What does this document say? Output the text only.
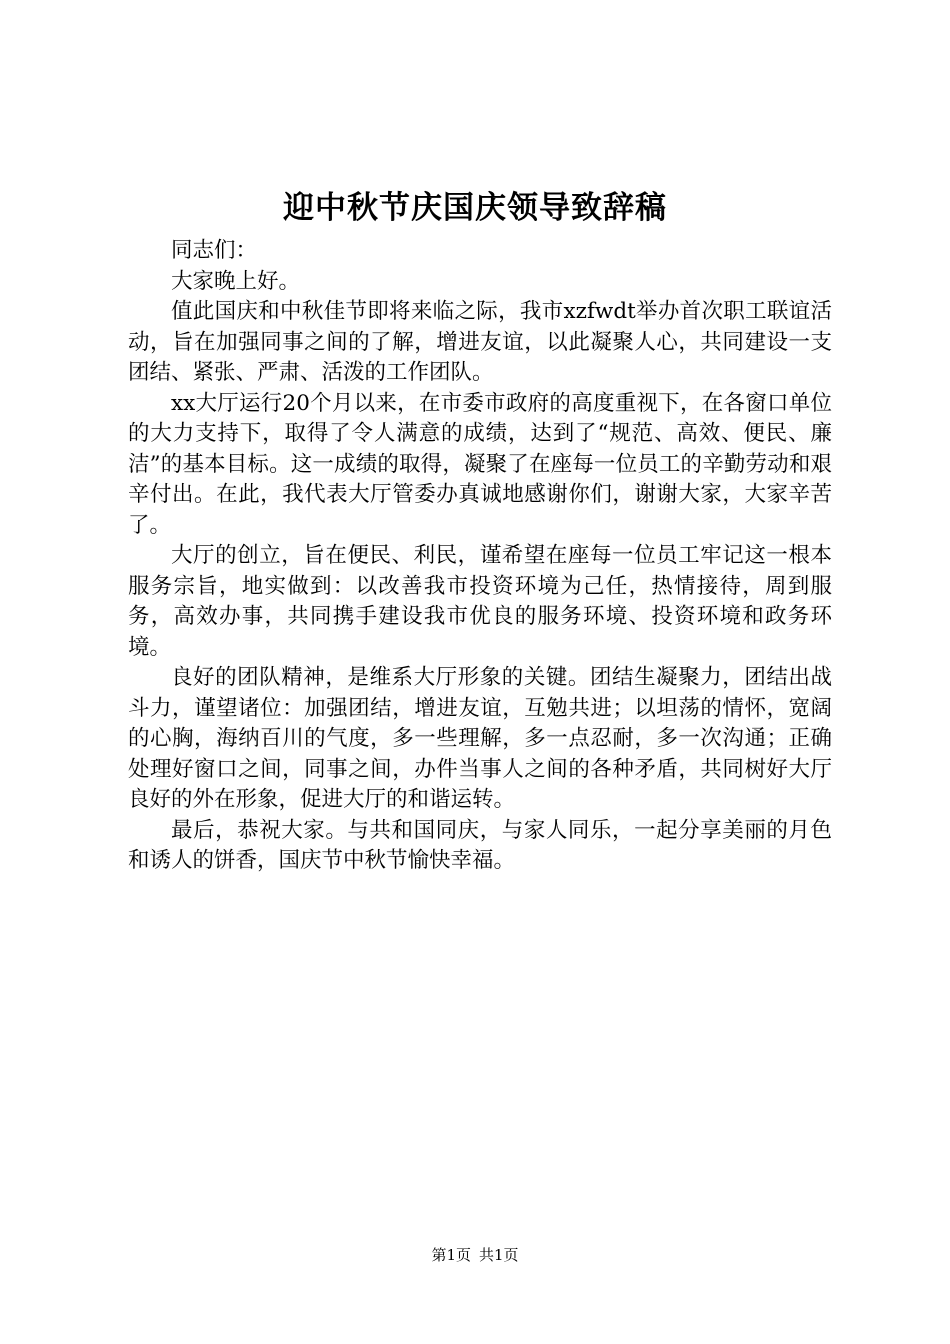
迎中秋节庆国庆领导致辞稿

同志们：

大家晚上好。

值此国庆和中秋佳节即将来临之际，我市xzfwdt举办首次职工联谊活动，旨在加强同事之间的了解，增进友谊，以此凝聚人心，共同建设一支团结、紧张、严肃、活泼的工作团队。

xx大厅运行20个月以来，在市委市政府的高度重视下，在各窗口单位的大力支持下，取得了令人满意的成绩，达到了“规范、高效、便民、廉洁”的基本目标。这一成绩的取得，凝聚了在座每一位员工的辛勤劳动和艰辛付出。在此，我代表大厅管委办真诚地感谢你们，谢谢大家，大家辛苦了。

大厅的创立，旨在便民、利民，谨希望在座每一位员工牢记这一根本服务宗旨，地实做到：以改善我市投资环境为己任，热情接待，周到服务，高效办事，共同携手建设我市优良的服务环境、投资环境和政务环境。

良好的团队精神，是维系大厅形象的关键。团结生凝聚力，团结出战斗力，谨望诸位：加强团结，增进友谊，互勉共进；以坦荡的情怀，宽阔的心胸，海纳百川的气度，多一些理解，多一点忍耐，多一次沟通；正确处理好窗口之间，同事之间，办件当事人之间的各种矛盾，共同树好大厅良好的外在形象，促进大厅的和谐运转。

最后，恭祝大家。与共和国同庆，与家人同乐，一起分享美丽的月色和诱人的饼香，国庆节中秋节愉快幸福。

第1页 共1页
